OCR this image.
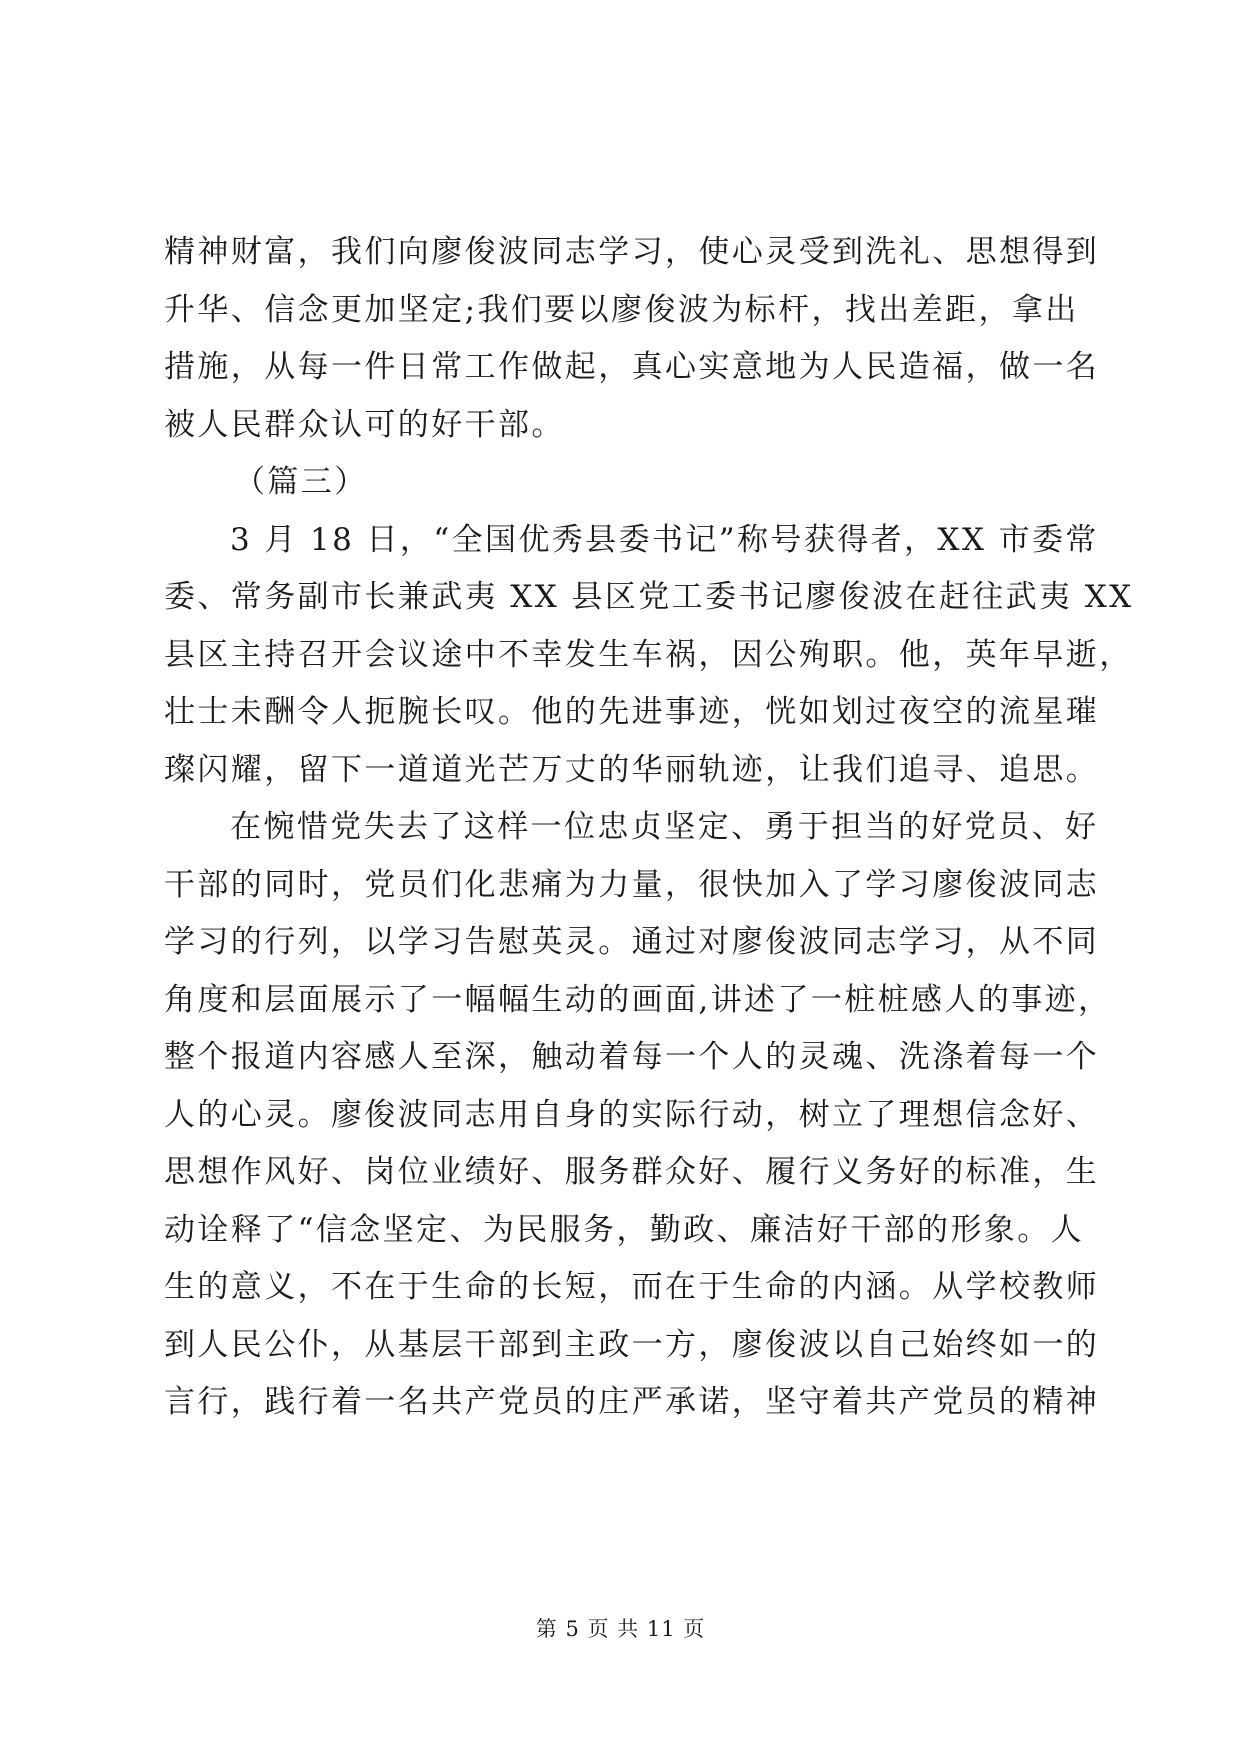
精神财富，我们向廖俊波同志学习，使心灵受到洗礼、思想得到
升华、信念更加坚定;我们要以廖俊波为标杆，找出差距，拿出
措施，从每一件日常工作做起，真心实意地为人民造福，做一名
被人民群众认可的好干部。
（篇三）
3 月 18 日，“全国优秀县委书记”称号获得者，XX 市委常
委、常务副市长兼武夷 XX 县区党工委书记廖俊波在赶往武夷 XX
县区主持召开会议途中不幸发生车祸，因公殉职。他，英年早逝，
壮士未酬令人扼腕长叹。他的先进事迹，恍如划过夜空的流星璀
璨闪耀，留下一道道光芒万丈的华丽轨迹，让我们追寻、追思。
在惋惜党失去了这样一位忠贞坚定、勇于担当的好党员、好
干部的同时，党员们化悲痛为力量，很快加入了学习廖俊波同志
学习的行列，以学习告慰英灵。通过对廖俊波同志学习，从不同
角度和层面展示了一幅幅生动的画面,讲述了一桩桩感人的事迹，
整个报道内容感人至深，触动着每一个人的灵魂、洗涤着每一个
人的心灵。廖俊波同志用自身的实际行动，树立了理想信念好、
思想作风好、岗位业绩好、服务群众好、履行义务好的标准，生
动诠释了“信念坚定、为民服务，勤政、廉洁好干部的形象。人
生的意义，不在于生命的长短，而在于生命的内涵。从学校教师
到人民公仆，从基层干部到主政一方，廖俊波以自己始终如一的
言行，践行着一名共产党员的庄严承诺，坚守着共产党员的精神
第 5 页 共 11 页
